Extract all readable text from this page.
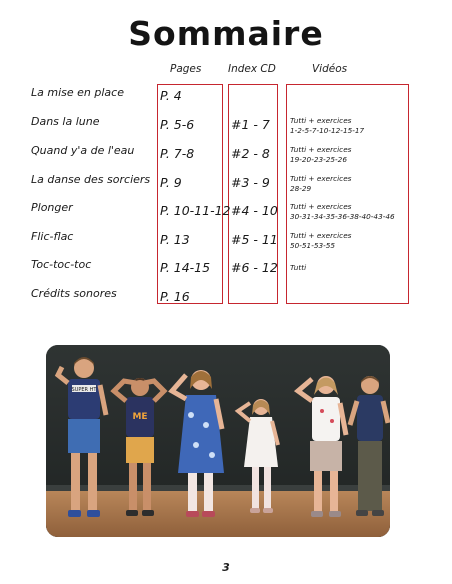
Sommaire
Pages	Index CD	Vidéos
La mise en place	P. 4

Dans la lune	P. 5-6	#1 - 7	Tutti + exercices
1-2-5-7-10-12-15-17
Quand y'a de l'eau P. 7-8	#2 - 8	Tutti + exercices
19-20-23-25-26
La danse des sorciers P. 9	#3 - 9	Tutti + exercices
28-29
Plonger	P. 10-11-12 #4 - 10 Tutti + exercices
30-31-34-35-36-38-40-43-46
Flic-flac	P. 13	#5 - 11 Tutti + exercices
50-51-53-55
Toc-toc-toc	P. 14-15 #6 - 12 Tutti

Crédits sonores	P. 16

SUPER HT
ME
3
